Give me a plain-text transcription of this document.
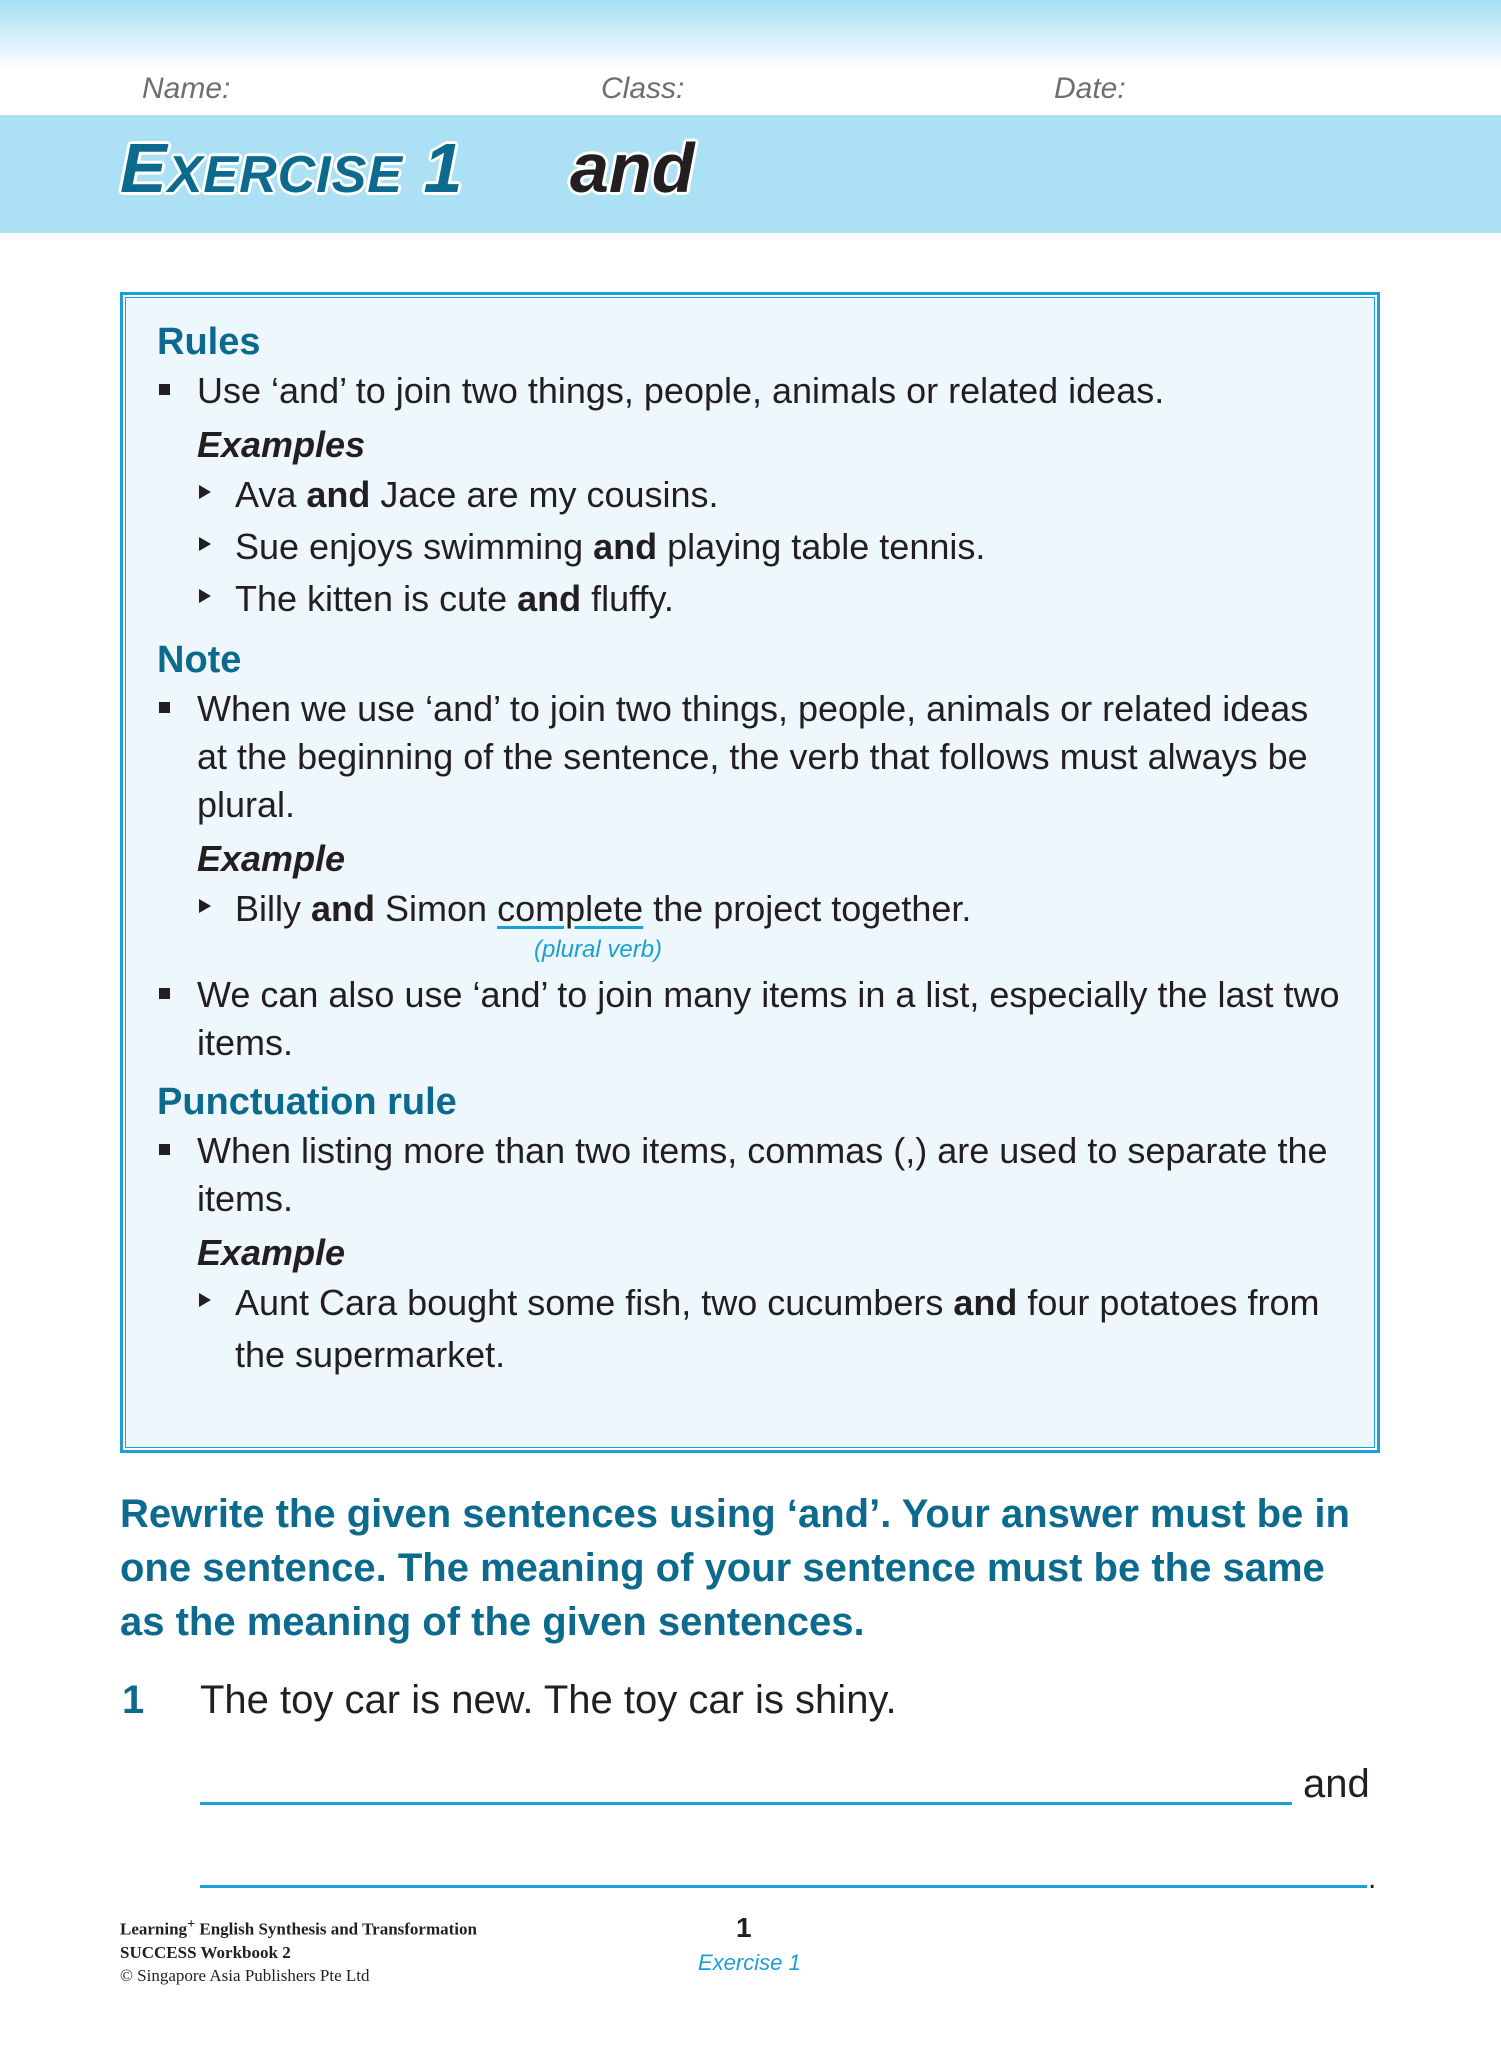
Name:	Class:	Date:
EXERCISE 1 and
Rules
Use ‘and’ to join two things, people, animals or related ideas.
Examples
Ava and Jace are my cousins.
Sue enjoys swimming and playing table tennis.
The kitten is cute and fluffy.
Note
When we use ‘and’ to join two things, people, animals or related ideas at the beginning of the sentence, the verb that follows must always be plural.
Example
Billy and Simon complete the project together.
(plural verb)
We can also use ‘and’ to join many items in a list, especially the last two items.
Punctuation rule
When listing more than two items, commas (,) are used to separate the items.
Example
Aunt Cara bought some fish, two cucumbers and four potatoes from the supermarket.
Rewrite the given sentences using ‘and’. Your answer must be in one sentence. The meaning of your sentence must be the same as the meaning of the given sentences.
1 The toy car is new. The toy car is shiny.
and
.
Learning+ English Synthesis and Transformation
SUCCESS Workbook 2
© Singapore Asia Publishers Pte Ltd
1
Exercise 1
